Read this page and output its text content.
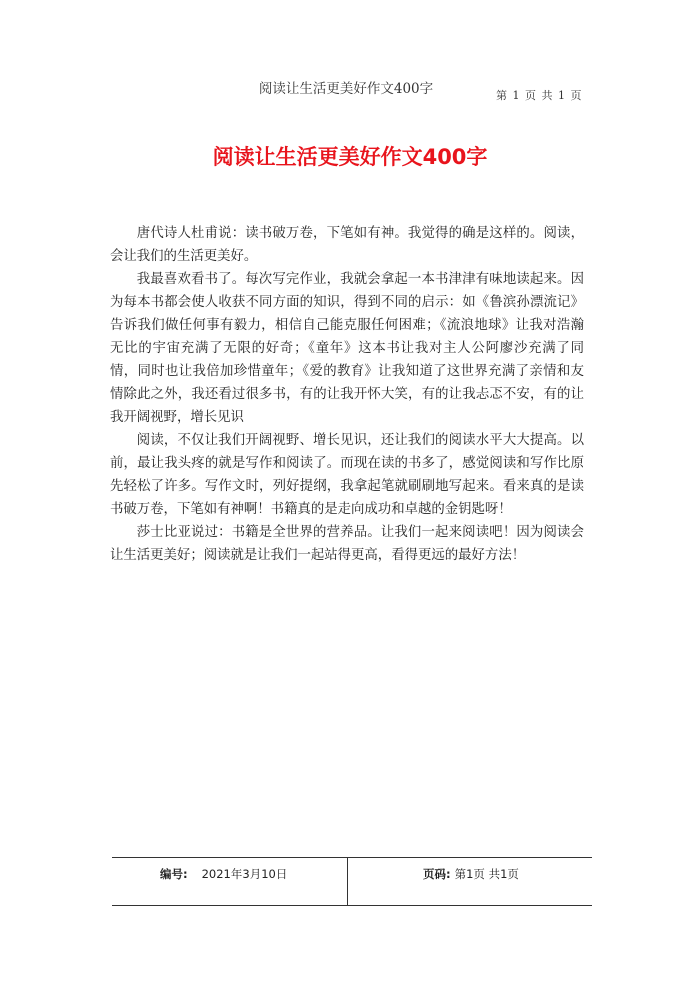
阅读让生活更美好作文400字	第 1 页 共 1 页
阅读让生活更美好作文400字

唐代诗人杜甫说：读书破万卷，下笔如有神。我觉得的确是这样的。阅读，会让我们的生活更美好。

我最喜欢看书了。每次写完作业，我就会拿起一本书津津有味地读起来。因为每本书都会使人收获不同方面的知识，得到不同的启示：如《鲁滨孙漂流记》告诉我们做任何事有毅力，相信自己能克服任何困难；《流浪地球》让我对浩瀚无比的宇宙充满了无限的好奇；《童年》这本书让我对主人公阿廖沙充满了同情，同时也让我倍加珍惜童年；《爱的教育》让我知道了这世界充满了亲情和友情除此之外，我还看过很多书，有的让我开怀大笑，有的让我忐忑不安，有的让我开阔视野，增长见识

阅读，不仅让我们开阔视野、增长见识，还让我们的阅读水平大大提高。以前，最让我头疼的就是写作和阅读了。而现在读的书多了，感觉阅读和写作比原先轻松了许多。写作文时，列好提纲，我拿起笔就刷刷地写起来。看来真的是读书破万卷，下笔如有神啊！书籍真的是走向成功和卓越的金钥匙呀！

莎士比亚说过：书籍是全世界的营养品。让我们一起来阅读吧！因为阅读会让生活更美好；阅读就是让我们一起站得更高，看得更远的最好方法！

编号: 2021年3月10日	页码: 第1页 共1页
